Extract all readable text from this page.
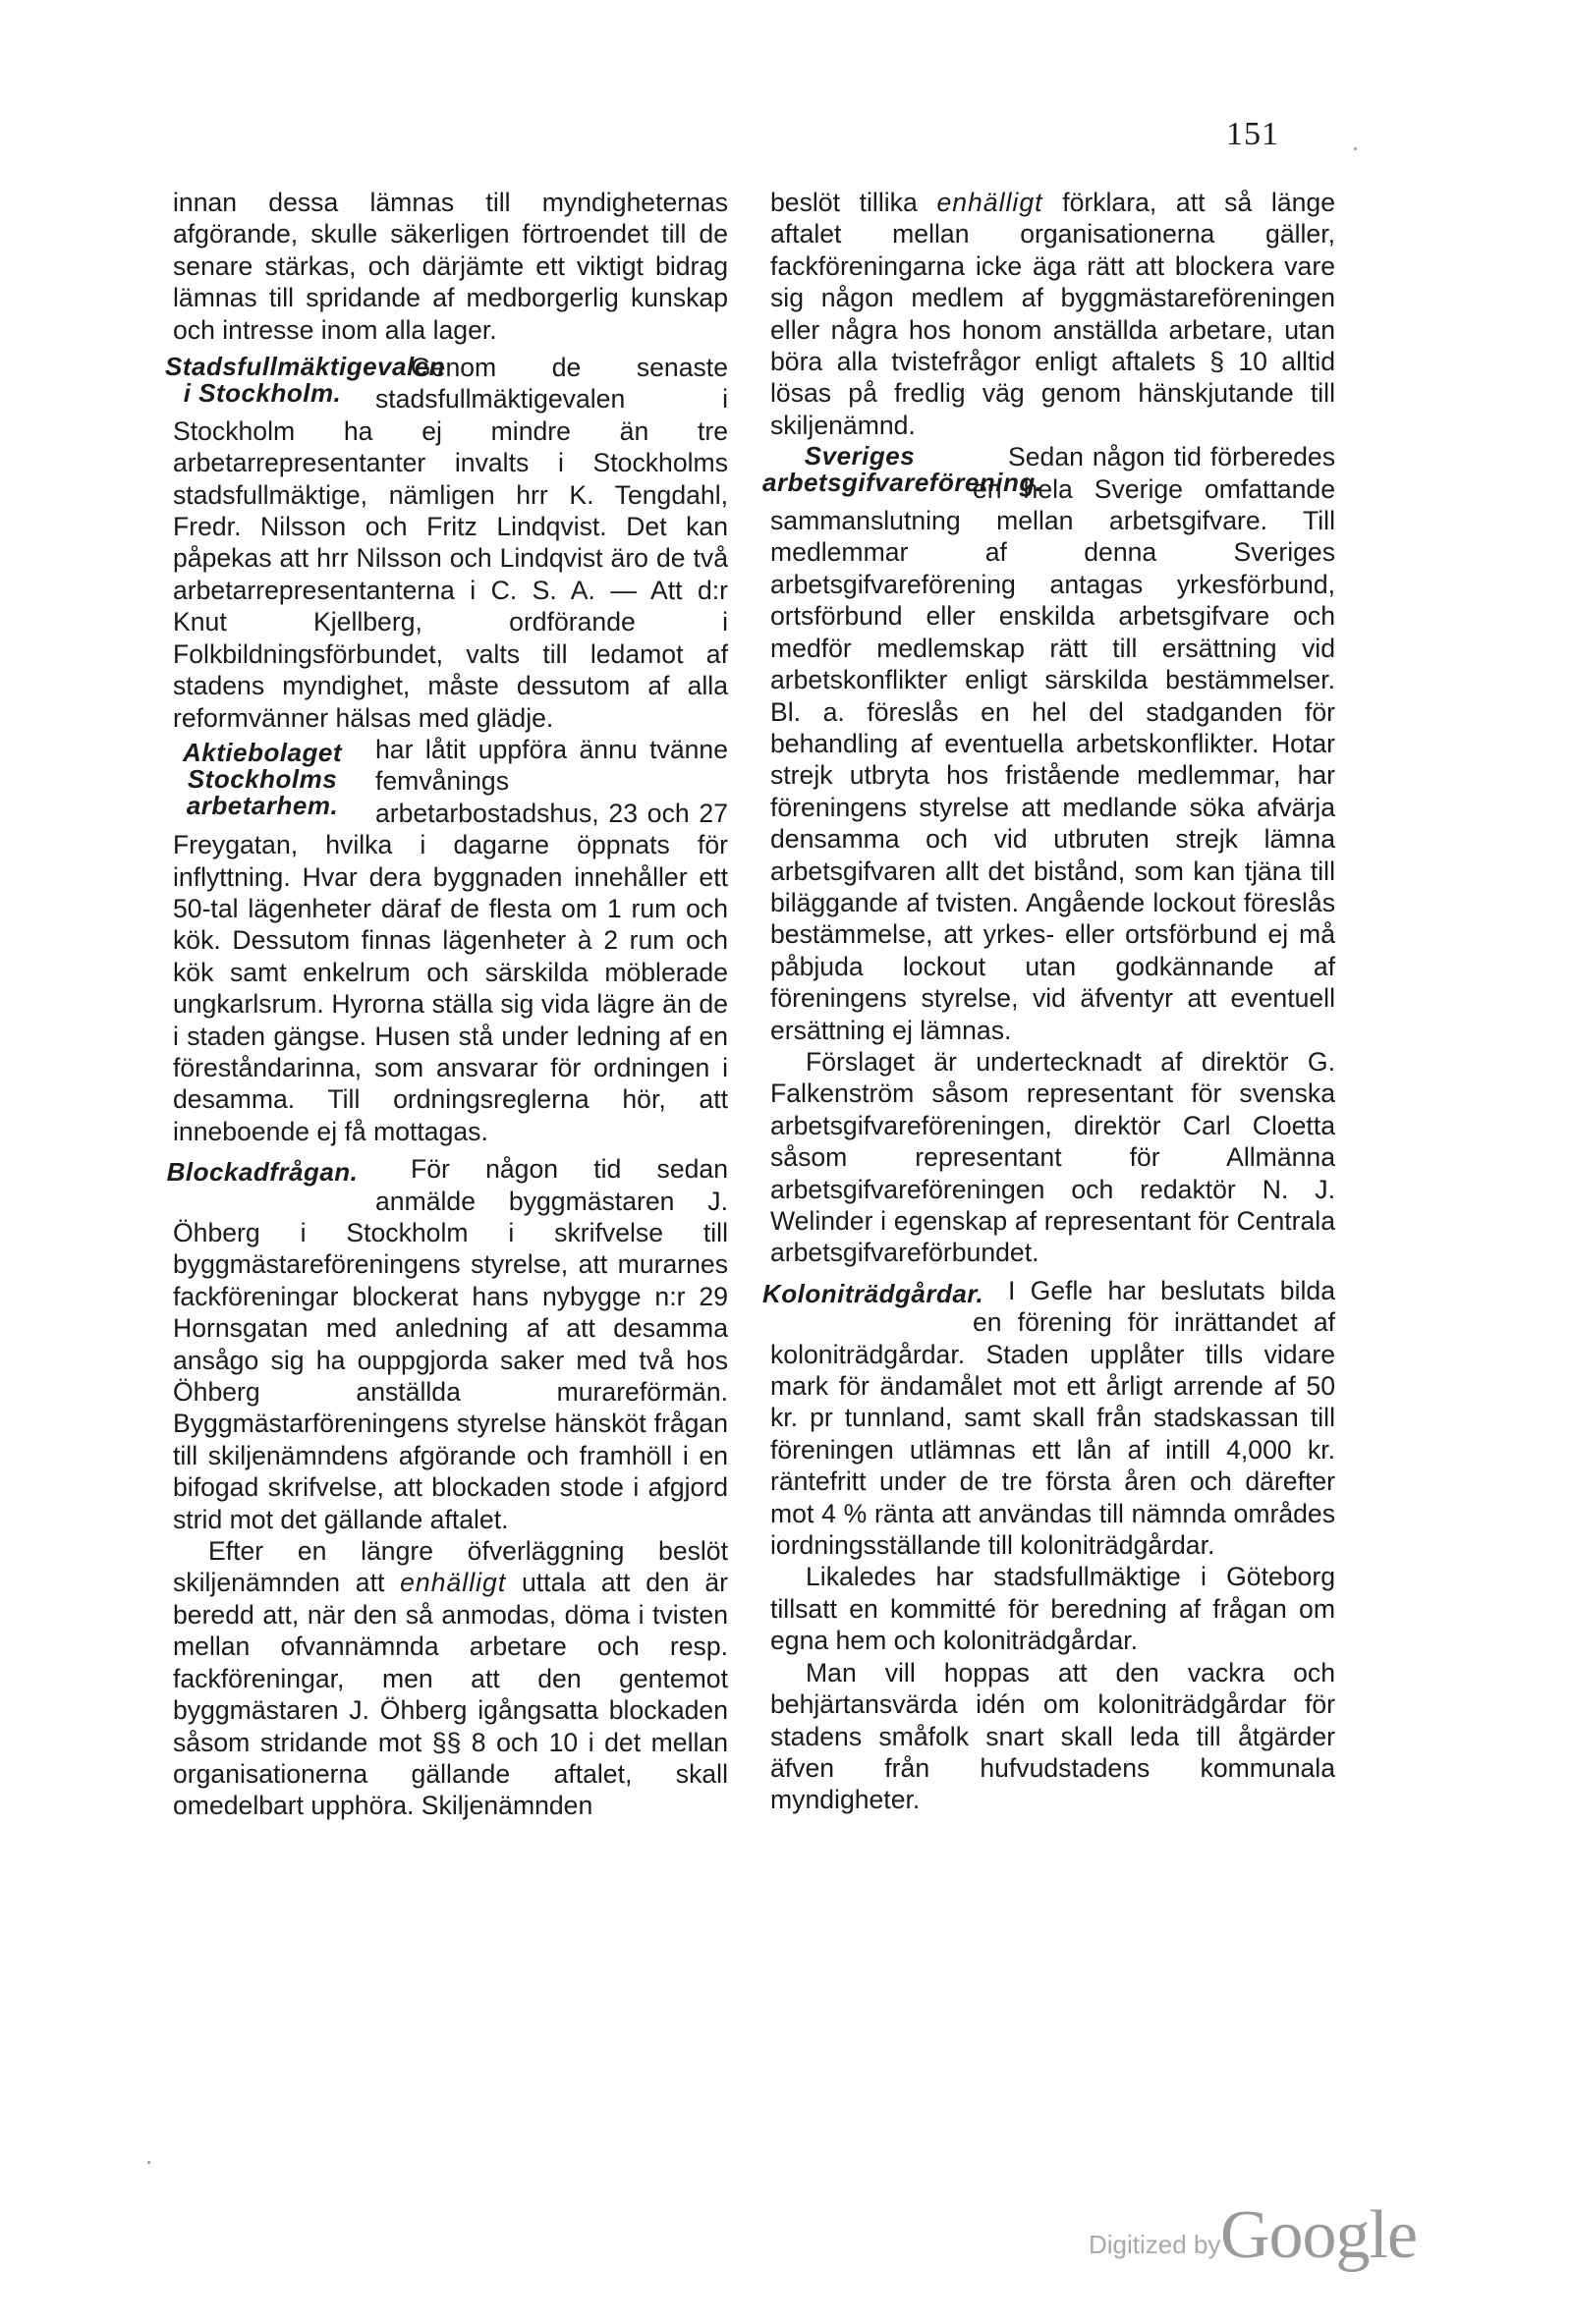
151

innan dessa lämnas till myndigheternas afgörande, skulle säkerligen förtroendet till de senare stärkas, och därjämte ett viktigt bidrag lämnas till spridande af medborgerlig kunskap och intresse inom alla lager.

Stadsfullmäktigevalen i Stockholm.

Genom de senaste stadsfullmäktigevalen i Stockholm ha ej mindre än tre arbetarrepresentanter invalts i Stockholms stadsfullmäktige, nämligen hrr K. Tengdahl, Fredr. Nilsson och Fritz Lindqvist. Det kan påpekas att hrr Nilsson och Lindqvist äro de två arbetarrepresentanterna i C. S. A. — Att d:r Knut Kjellberg, ordförande i Folkbildningsförbundet, valts till ledamot af stadens myndighet, måste dessutom af alla reformvänner hälsas med glädje.

Aktiebolaget Stockholms arbetarhem.

har låtit uppföra ännu tvänne femvånings arbetarbostadshus, 23 och 27 Freygatan, hvilka i dagarne öppnats för inflyttning. Hvar dera byggnaden innehåller ett 50-tal lägenheter däraf de flesta om 1 rum och kök. Dessutom finnas lägenheter à 2 rum och kök samt enkelrum och särskilda möblerade ungkarlsrum. Hyrorna ställa sig vida lägre än de i staden gängse. Husen stå under ledning af en föreståndarinna, som ansvarar för ordningen i desamma. Till ordningsreglerna hör, att inneboende ej få mottagas.

Blockadfrågan.	För någon tid sedan anmälde byggmästaren J. Öhberg i Stockholm i skrifvelse till byggmästareföreningens styrelse, att murarnes fackföreningar blockerat hans nybygge n:r 29 Hornsgatan med anledning af att desamma ansågo sig ha ouppgjorda saker med två hos Öhberg anställda murareförmän. Byggmästarföreningens styrelse hänsköt frågan till skiljenämndens afgörande och framhöll i en bifogad skrifvelse, att blockaden stode i afgjord strid mot det gällande aftalet.

Efter en längre öfverläggning beslöt skiljenämnden att enhälligt uttala att den är beredd att, när den så anmodas, döma i tvisten mellan ofvannämnda arbetare och resp. fackföreningar, men att den gentemot byggmästaren J. Öhberg igångsatta blockaden såsom stridande mot §§ 8 och 10 i det mellan organisationerna gällande aftalet, skall omedelbart upphöra. Skiljenämnden

beslöt tillika enhälligt förklara, att så länge aftalet mellan organisationerna gäller, fackföreningarna icke äga rätt att blockera vare sig någon medlem af byggmästareföreningen eller några hos honom anställda arbetare, utan böra alla tvistefrågor enligt aftalets § 10 alltid lösas på fredlig väg genom hänskjutande till skiljenämnd.

Sveriges arbetsgifvareförening.

Sedan någon tid förberedes en hela Sverige omfattande sammanslutning mellan arbetsgifvare. Till medlemmar af denna Sveriges arbetsgifvareförening antagas yrkesförbund, ortsförbund eller enskilda arbetsgifvare och medför medlemskap rätt till ersättning vid arbetskonflikter enligt särskilda bestämmelser. Bl. a. föreslås en hel del stadganden för behandling af eventuella arbetskonflikter. Hotar strejk utbryta hos fristående medlemmar, har föreningens styrelse att medlande söka afvärja densamma och vid utbruten strejk lämna arbetsgifvaren allt det bistånd, som kan tjäna till biläggande af tvisten. Angående lockout föreslås bestämmelse, att yrkes- eller ortsförbund ej må påbjuda lockout utan godkännande af föreningens styrelse, vid äfventyr att eventuell ersättning ej lämnas.

Förslaget är undertecknadt af direktör G. Falkenström såsom representant för svenska arbetsgifvareföreningen, direktör Carl Cloetta såsom representant för Allmänna arbetsgifvareföreningen och redaktör N. J. Welinder i egenskap af representant för Centrala arbetsgifvareförbundet.

Koloniträdgårdar. I Gefle har beslutats bilda en förening för inrättandet af koloniträdgårdar. Staden upplåter tills vidare mark för ändamålet mot ett årligt arrende af 50 kr. pr tunnland, samt skall från stadskassan till föreningen utlämnas ett lån af intill 4,000 kr. räntefritt under de tre första åren och därefter mot 4 % ränta att användas till nämnda områdes iordningsställande till koloniträdgårdar.

Likaledes har stadsfullmäktige i Göteborg tillsatt en kommitté för beredning af frågan om egna hem och koloniträdgårdar.

Man vill hoppas att den vackra och behjärtansvärda idén om koloniträdgårdar för stadens småfolk snart skall leda till åtgärder äfven från hufvudstadens kommunala myndigheter.

Digitized by Google
